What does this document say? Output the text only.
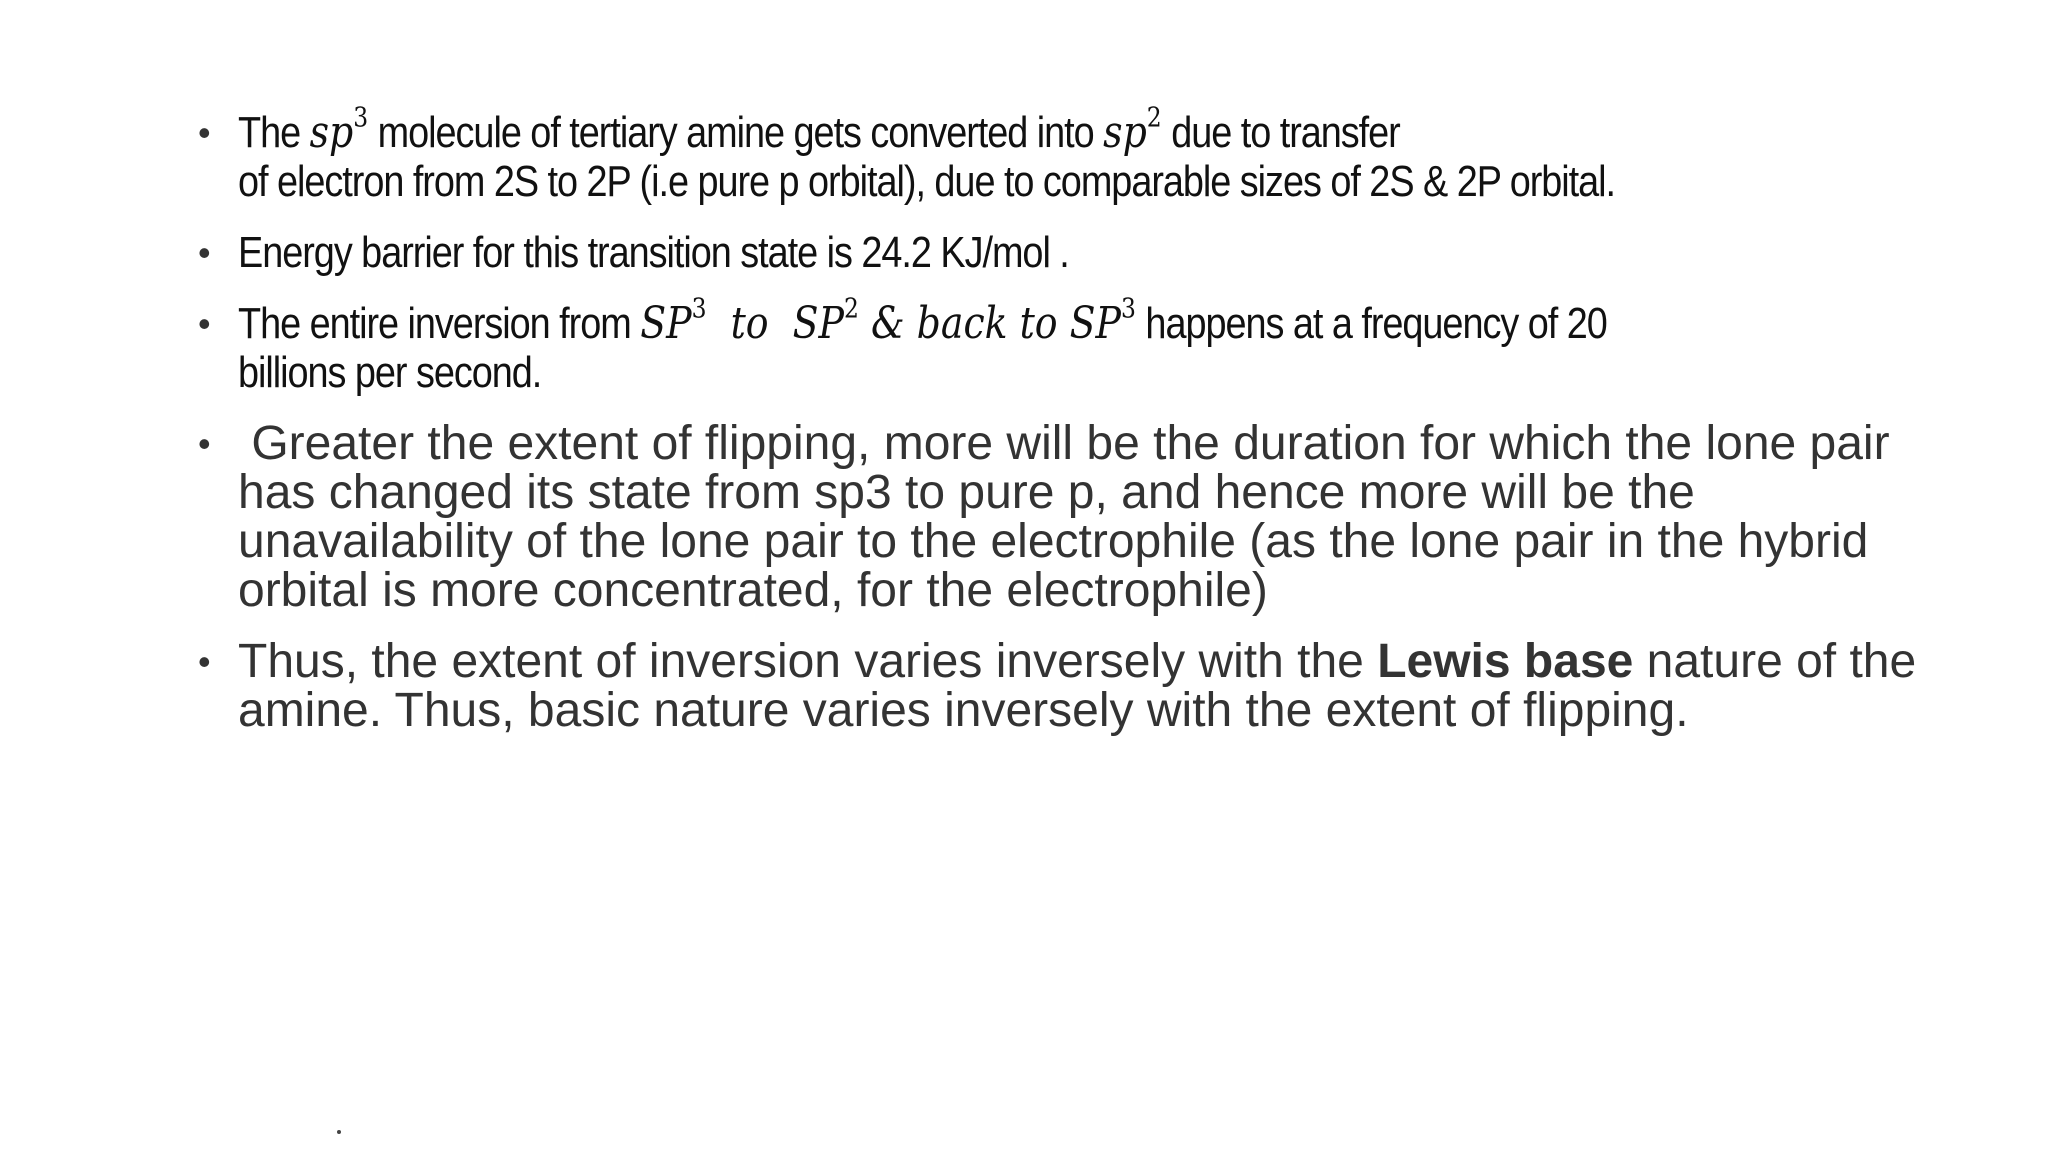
• The $sp^3$ molecule of tertiary amine gets converted into $sp^2$ due to transfer
of electron from 2S to 2P (i.e pure p orbital), due to comparable sizes of 2S & 2P orbital.
• Energy barrier for this transition state is 24.2 KJ/mol .
• The entire inversion from $SP^3$  to  $SP^2$ & back to $SP^3$ happens at a frequency of 20
billions per second.
• Greater the extent of flipping, more will be the duration for which the lone pair has changed its state from sp3 to pure p, and hence more will be the unavailability of the lone pair to the electrophile (as the lone pair in the hybrid orbital is more concentrated, for the electrophile)
• Thus, the extent of inversion varies inversely with the Lewis base nature of the amine. Thus, basic nature varies inversely with the extent of flipping.
